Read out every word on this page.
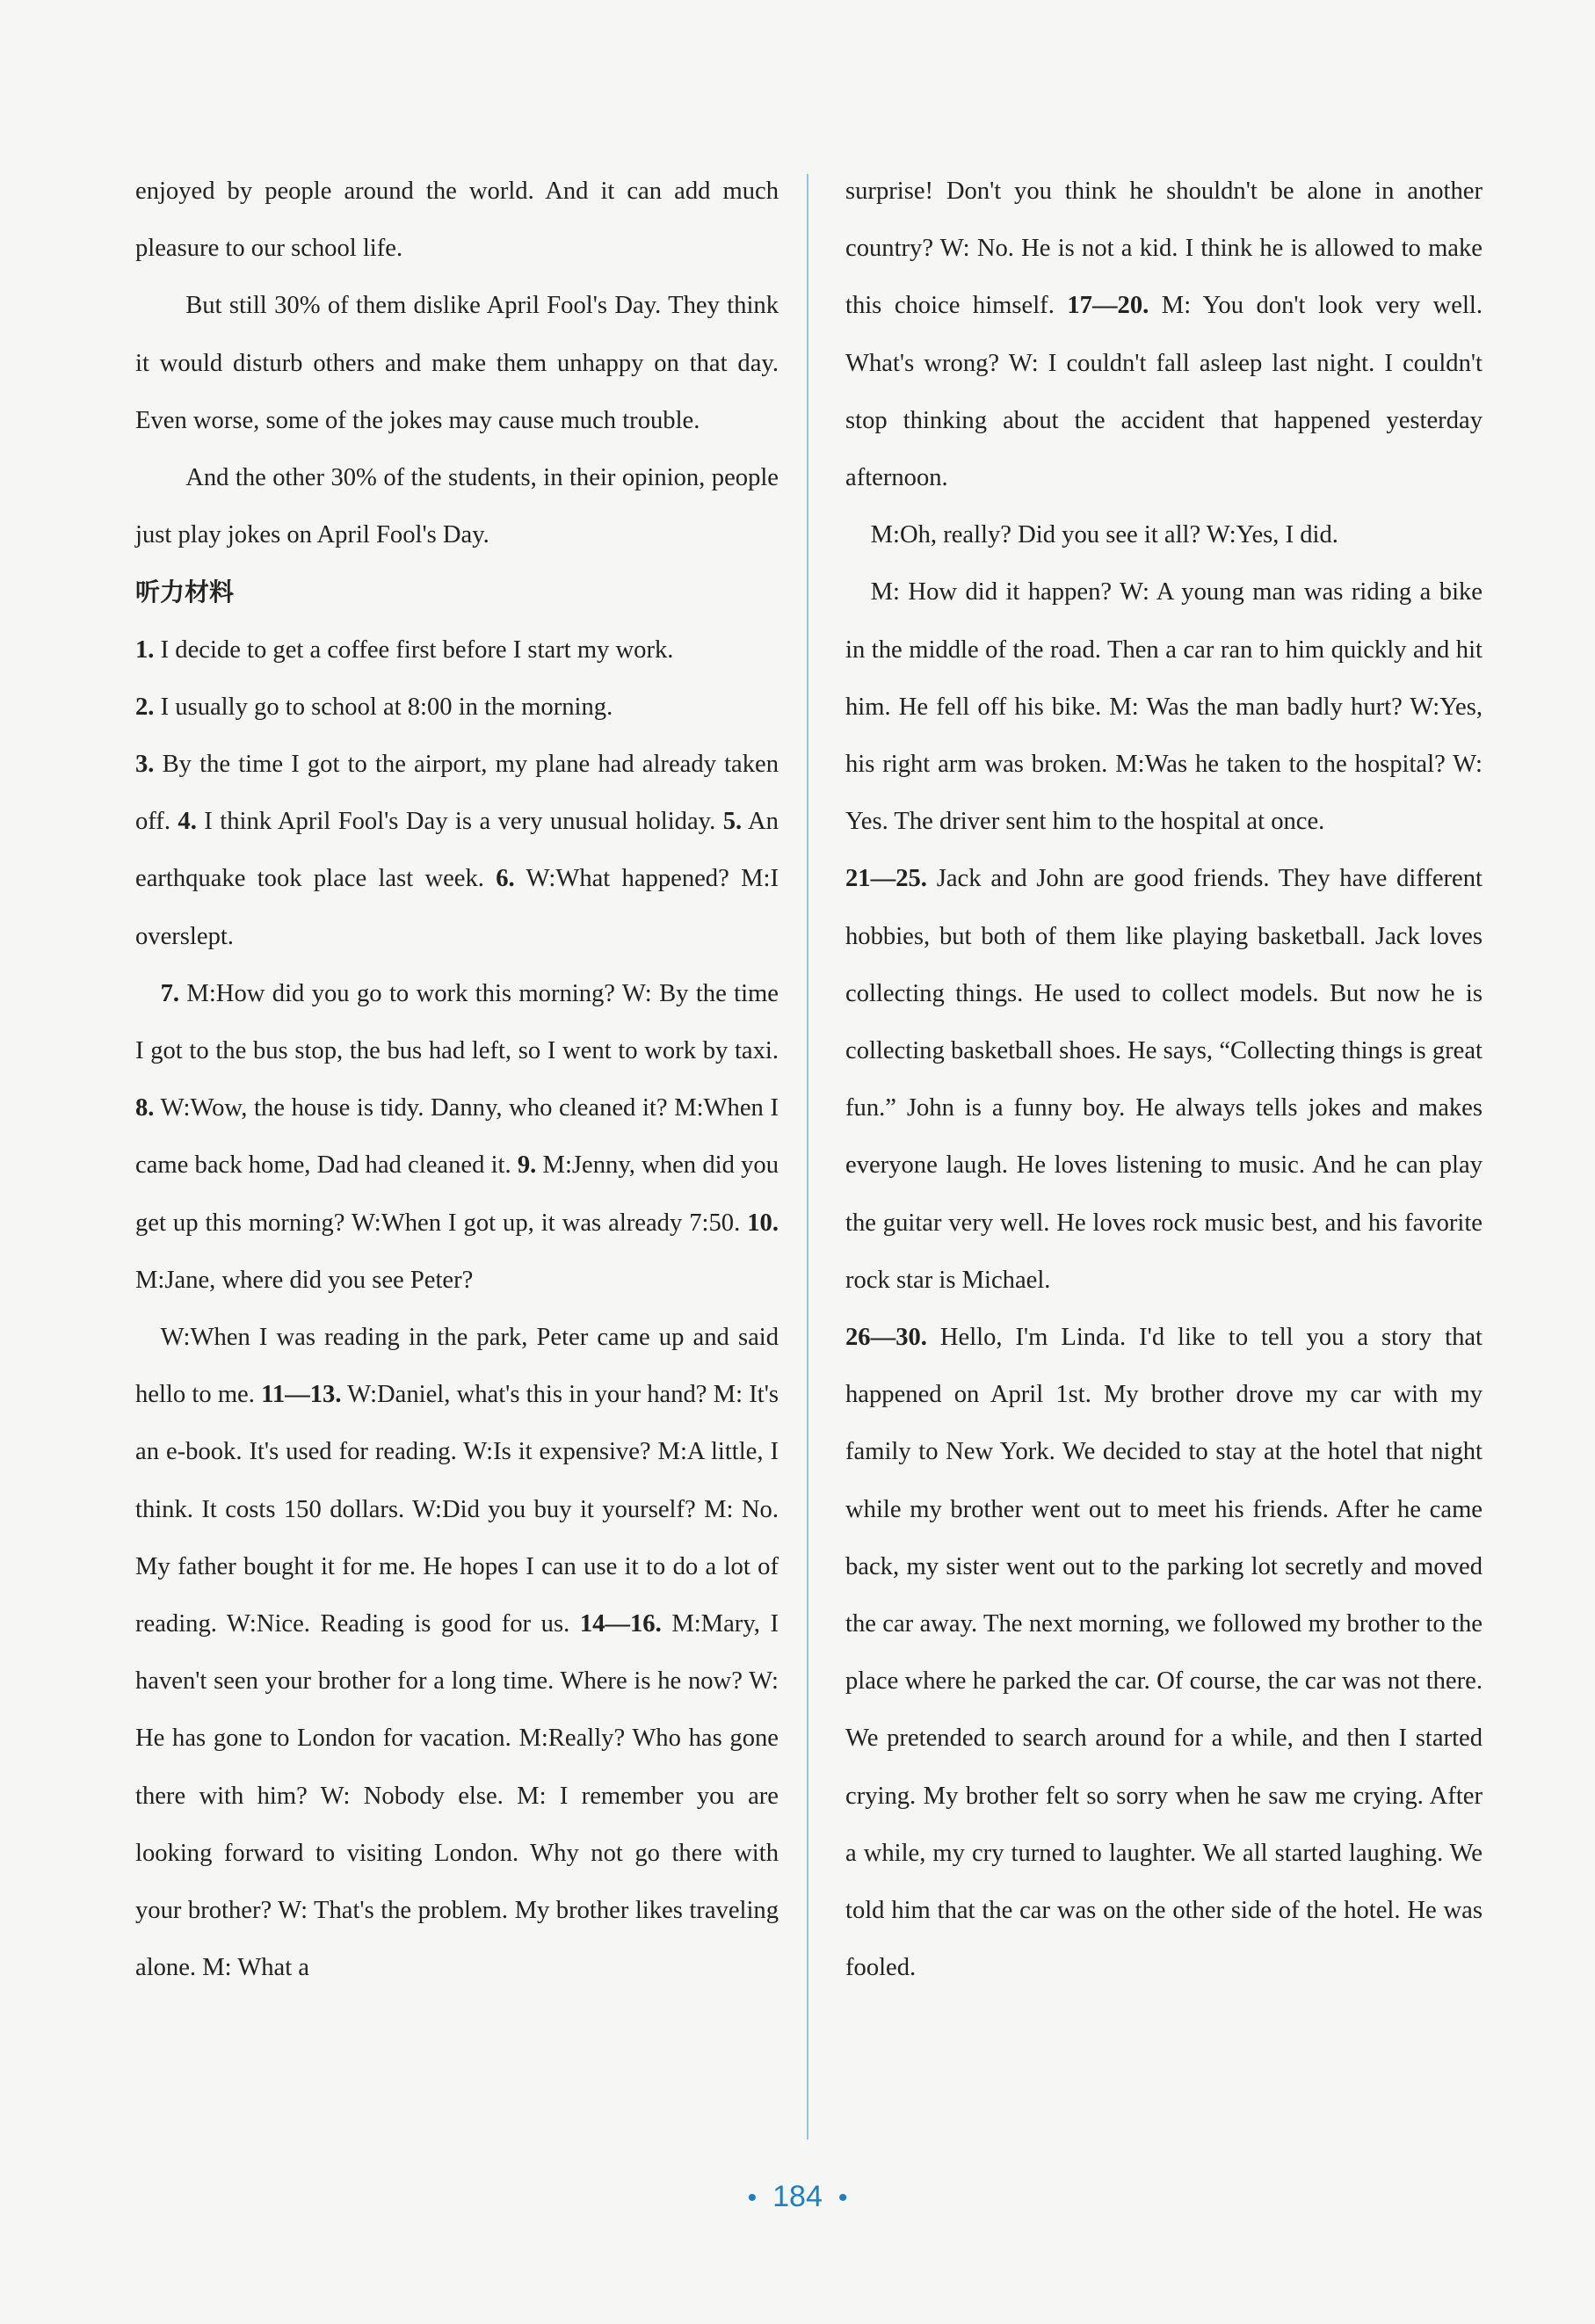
enjoyed by people around the world. And it can add much pleasure to our school life.

But still 30% of them dislike April Fool's Day. They think it would disturb others and make them unhappy on that day. Even worse, some of the jokes may cause much trouble.

And the other 30% of the students, in their opinion, people just play jokes on April Fool's Day.

听力材料

1. I decide to get a coffee first before I start my work.

2. I usually go to school at 8:00 in the morning.

3. By the time I got to the airport, my plane had already taken off. 4. I think April Fool's Day is a very unusual holiday. 5. An earthquake took place last week. 6. W:What happened? M:I overslept.

7. M:How did you go to work this morning? W: By the time I got to the bus stop, the bus had left, so I went to work by taxi. 8. W:Wow, the house is tidy. Danny, who cleaned it? M:When I came back home, Dad had cleaned it. 9. M:Jenny, when did you get up this morning? W:When I got up, it was already 7:50. 10. M:Jane, where did you see Peter?

W:When I was reading in the park, Peter came up and said hello to me. 11—13. W:Daniel, what's this in your hand? M: It's an e-book. It's used for reading. W:Is it expensive? M:A little, I think. It costs 150 dollars. W:Did you buy it yourself? M: No. My father bought it for me. He hopes I can use it to do a lot of reading. W:Nice. Reading is good for us. 14—16. M:Mary, I haven't seen your brother for a long time. Where is he now? W: He has gone to London for vacation. M:Really? Who has gone there with him? W: Nobody else. M: I remember you are looking forward to visiting London. Why not go there with your brother? W: That's the problem. My brother likes traveling alone. M: What a

surprise! Don't you think he shouldn't be alone in another country? W: No. He is not a kid. I think he is allowed to make this choice himself. 17—20. M: You don't look very well. What's wrong? W: I couldn't fall asleep last night. I couldn't stop thinking about the accident that happened yesterday afternoon.

M:Oh, really? Did you see it all? W:Yes, I did.

M: How did it happen? W: A young man was riding a bike in the middle of the road. Then a car ran to him quickly and hit him. He fell off his bike. M: Was the man badly hurt? W:Yes, his right arm was broken. M:Was he taken to the hospital? W: Yes. The driver sent him to the hospital at once.

21—25. Jack and John are good friends. They have different hobbies, but both of them like playing basketball. Jack loves collecting things. He used to collect models. But now he is collecting basketball shoes. He says, “Collecting things is great fun.” John is a funny boy. He always tells jokes and makes everyone laugh. He loves listening to music. And he can play the guitar very well. He loves rock music best, and his favorite rock star is Michael.

26—30. Hello, I'm Linda. I'd like to tell you a story that happened on April 1st. My brother drove my car with my family to New York. We decided to stay at the hotel that night while my brother went out to meet his friends. After he came back, my sister went out to the parking lot secretly and moved the car away. The next morning, we followed my brother to the place where he parked the car. Of course, the car was not there. We pretended to search around for a while, and then I started crying. My brother felt so sorry when he saw me crying. After a while, my cry turned to laughter. We all started laughing. We told him that the car was on the other side of the hotel. He was fooled.

• 184 •
